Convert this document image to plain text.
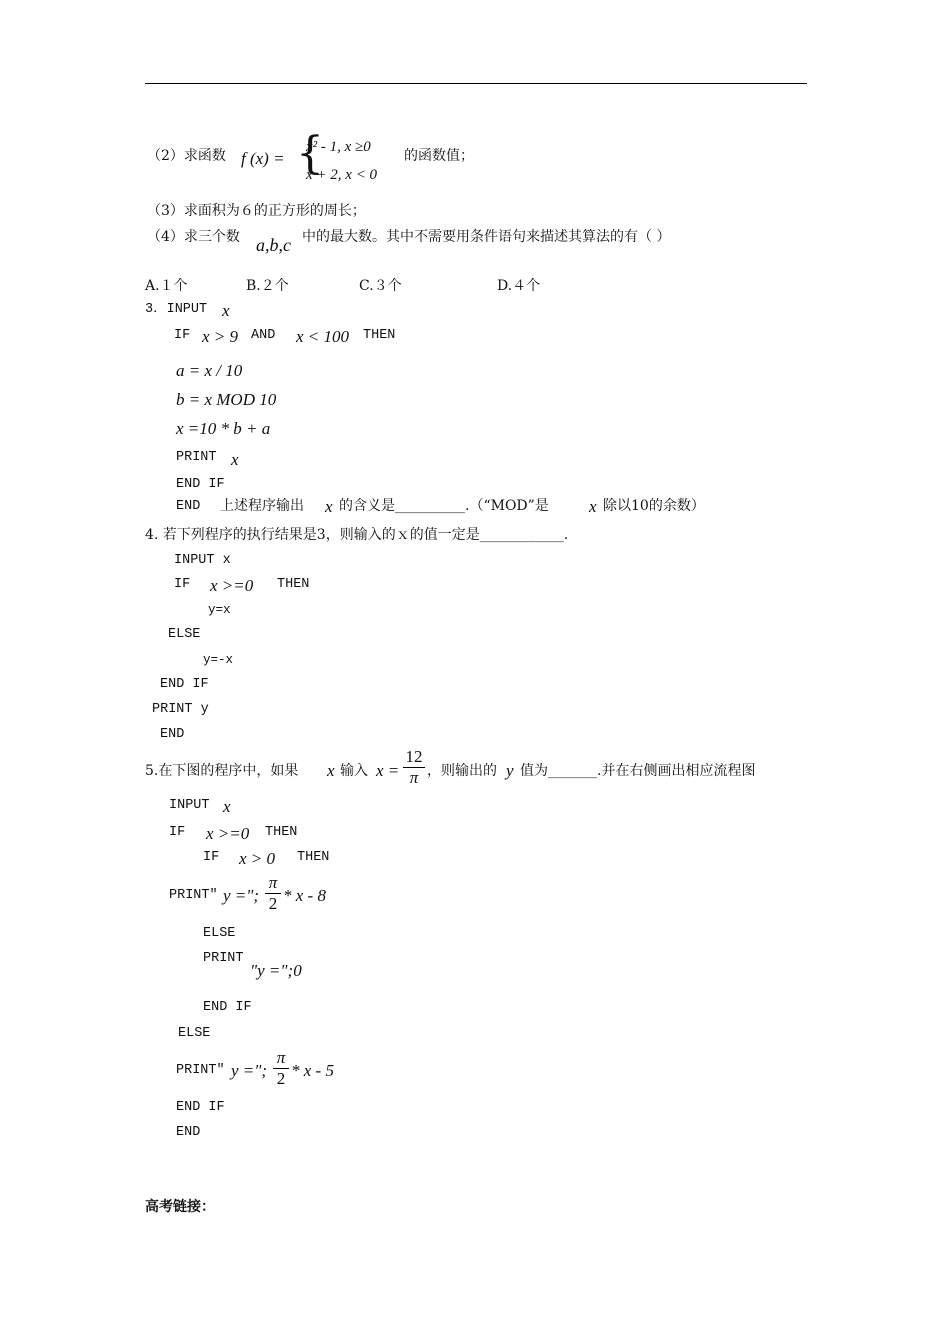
（2）求函数 f (x) = {
x² - 1, x ≥0
x + 2, x < 0
的函数值；
（3）求面积为６的正方形的周长；
（4）求三个数 a,b,c 中的最大数。其中不需要用条件语句来描述其算法的有（ ）
A.１个	B.２个	C.３个	D.４个
3．INPUT x
IF x > 9 AND x < 100 THEN
a = x / 10
b = x MOD 10
x =10 * b + a
PRINT x
END IF
END 上述程序输出 x 的含义是__________.（“MOD”是 x 除以10的余数）
4. 若下列程序的执行结果是3，则输入的ｘ的值一定是____________.
INPUT x
IF x >=0 THEN
y=x
ELSE
y=-x
END IF
PRINT y
END
5.在下图的程序中，如果 x 输入 x =
12
π ，则输出的 y 值为_______.并在右侧画出相应流程图
INPUT x
IF x >=0 THEN
IF x > 0 THEN
PRINT" y =";
π
2 * x - 8
ELSE
PRINT
"y =";0
END IF
ELSE
PRINT" y =";
π
2 * x - 5
END IF
END
高考链接：
